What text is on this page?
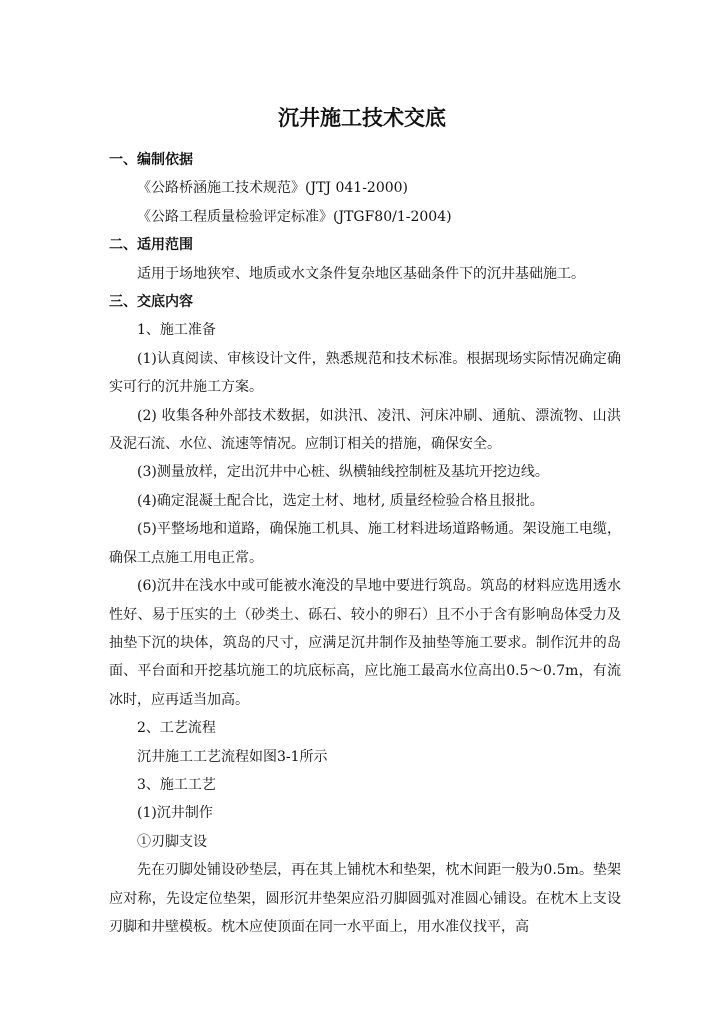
沉井施工技术交底

一、编制依据

《公路桥涵施工技术规范》(JTJ 041-2000)

《公路工程质量检验评定标准》(JTGF80/1-2004)

二、适用范围

适用于场地狭窄、地质或水文条件复杂地区基础条件下的沉井基础施工。

三、交底内容

1、施工准备

(1)认真阅读、审核设计文件，熟悉规范和技术标准。根据现场实际情况确定确实可行的沉井施工方案。

(2) 收集各种外部技术数据，如洪汛、凌汛、河床冲刷、通航、漂流物、山洪及泥石流、水位、流速等情况。应制订相关的措施，确保安全。

(3)测量放样，定出沉井中心桩、纵横轴线控制桩及基坑开挖边线。

(4)确定混凝土配合比，选定土材、地材, 质量经检验合格且报批。

(5)平整场地和道路，确保施工机具、施工材料进场道路畅通。架设施工电缆，确保工点施工用电正常。

(6)沉井在浅水中或可能被水淹没的旱地中要进行筑岛。筑岛的材料应选用透水性好、易于压实的土（砂类土、砾石、较小的卵石）且不小于含有影响岛体受力及抽垫下沉的块体，筑岛的尺寸，应满足沉井制作及抽垫等施工要求。制作沉井的岛面、平台面和开挖基坑施工的坑底标高，应比施工最高水位高出0.5～0.7m，有流冰时，应再适当加高。

2、工艺流程

沉井施工工艺流程如图3-1所示

3、施工工艺

(1)沉井制作

①刃脚支设

先在刃脚处铺设砂垫层，再在其上铺枕木和垫架，枕木间距一般为0.5m。垫架应对称，先设定位垫架，圆形沉井垫架应沿刃脚圆弧对准圆心铺设。在枕木上支设刃脚和井壁模板。枕木应使顶面在同一水平面上，用水准仪找平，高
